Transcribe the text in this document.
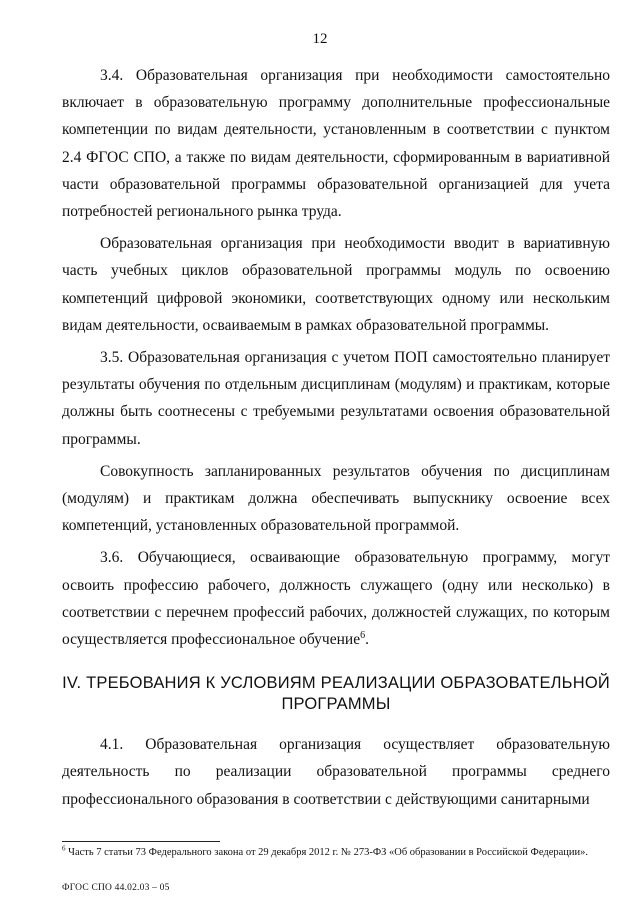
12

3.4. Образовательная организация при необходимости самостоятельно включает в образовательную программу дополнительные профессиональные компетенции по видам деятельности, установленным в соответствии с пунктом 2.4 ФГОС СПО, а также по видам деятельности, сформированным в вариативной части образовательной программы образовательной организацией для учета потребностей регионального рынка труда.

Образовательная организация при необходимости вводит в вариативную часть учебных циклов образовательной программы модуль по освоению компетенций цифровой экономики, соответствующих одному или нескольким видам деятельности, осваиваемым в рамках образовательной программы.

3.5. Образовательная организация с учетом ПОП самостоятельно планирует результаты обучения по отдельным дисциплинам (модулям) и практикам, которые должны быть соотнесены с требуемыми результатами освоения образовательной программы.

Совокупность запланированных результатов обучения по дисциплинам (модулям) и практикам должна обеспечивать выпускнику освоение всех компетенций, установленных образовательной программой.

3.6. Обучающиеся, осваивающие образовательную программу, могут освоить профессию рабочего, должность служащего (одну или несколько) в соответствии с перечнем профессий рабочих, должностей служащих, по которым осуществляется профессиональное обучение$^6$.

IV. ТРЕБОВАНИЯ К УСЛОВИЯМ РЕАЛИЗАЦИИ ОБРАЗОВАТЕЛЬНОЙ ПРОГРАММЫ

4.1. Образовательная организация осуществляет образовательную деятельность по реализации образовательной программы среднего профессионального образования в соответствии с действующими санитарными

$^6$ Часть 7 статьи 73 Федерального закона от 29 декабря 2012 г. № 273-ФЗ «Об образовании в Российской Федерации».
ФГОС СПО 44.02.03 – 05
